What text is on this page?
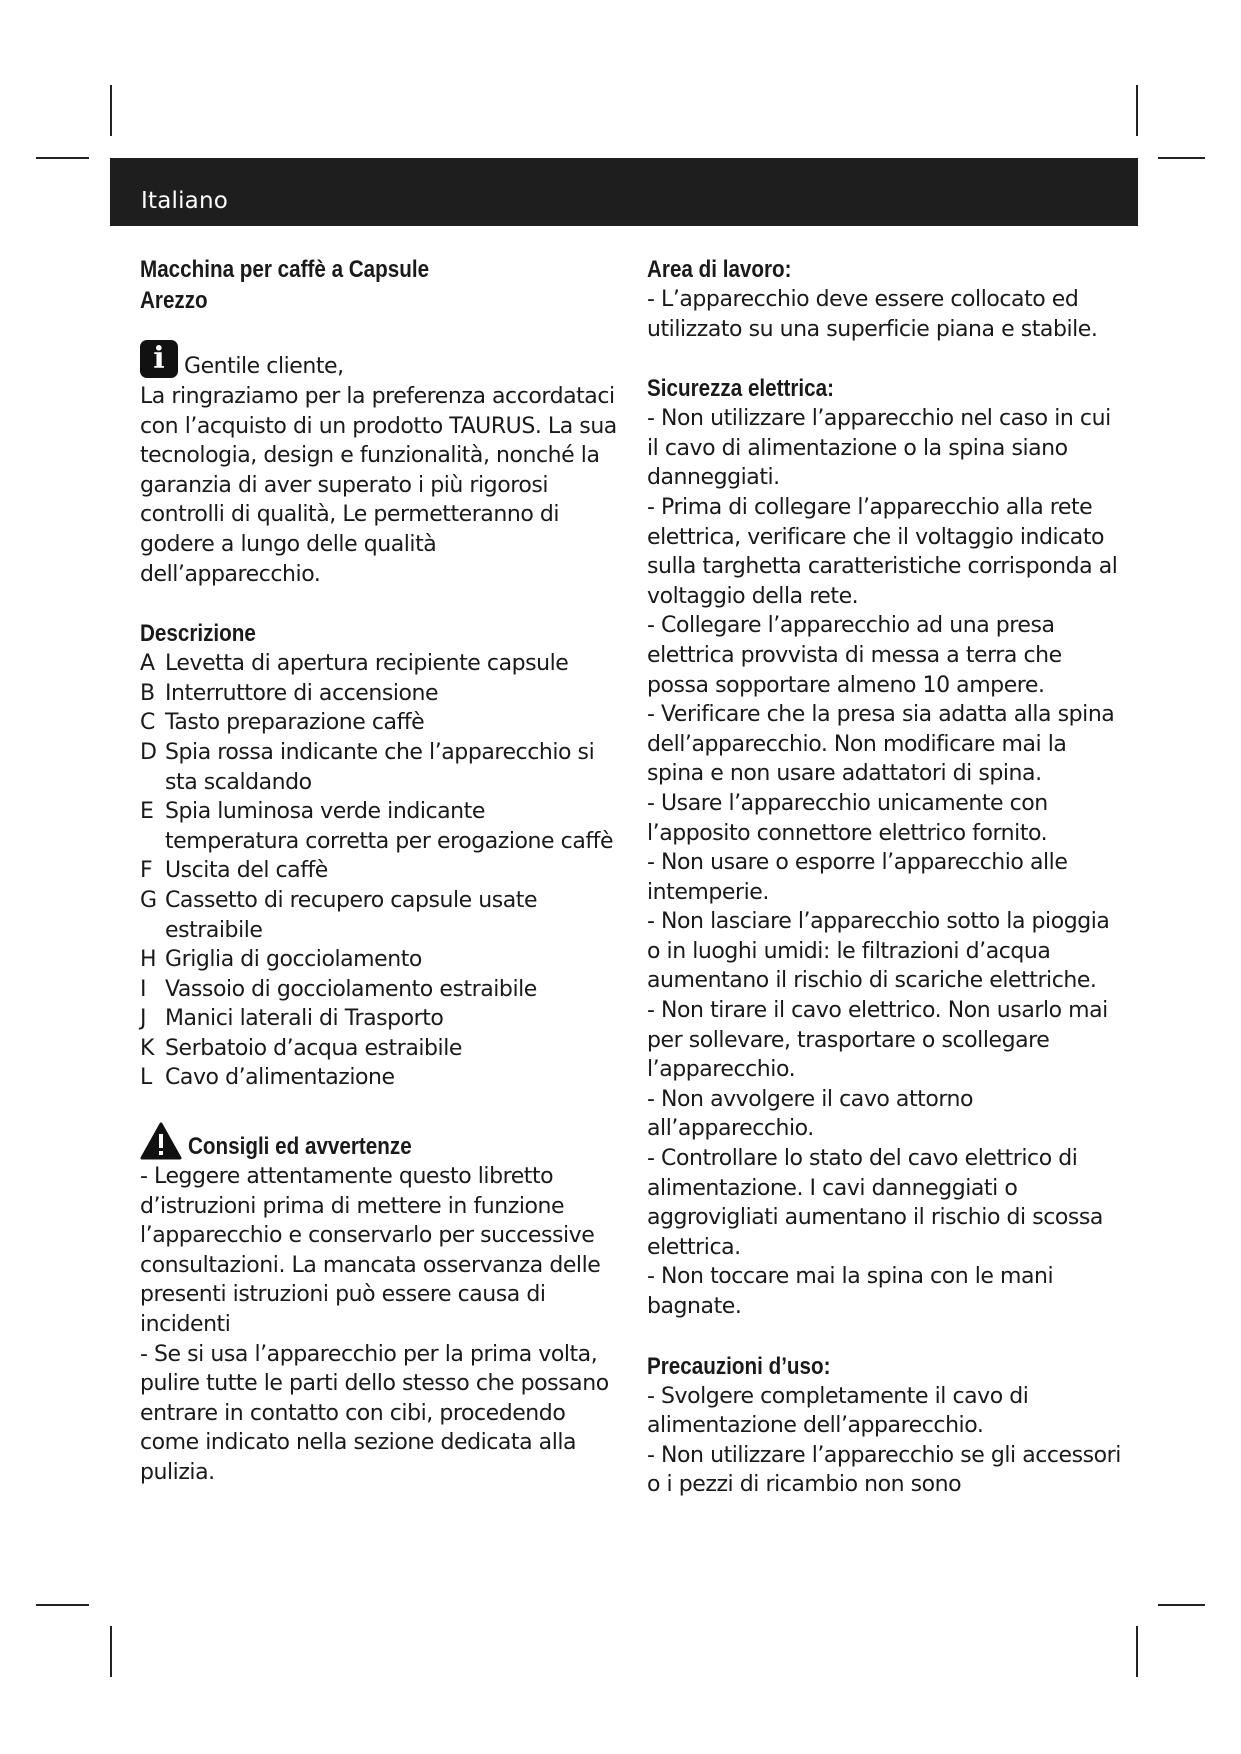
Italiano
Macchina per caffè a Capsule
Arezzo
i Gentile cliente,

La ringraziamo per la preferenza accordataci con l’acquisto di un prodotto TAURUS. La sua tecnologia, design e funzionalità, nonché la garanzia di aver superato i più rigorosi controlli di qualità, Le permetteranno di godere a lungo delle qualità dell’apparecchio.

Descrizione
A Levetta di apertura recipiente capsule
B Interruttore di accensione
C Tasto preparazione caffè
D Spia rossa indicante che l’apparecchio si sta scaldando
E Spia luminosa verde indicante temperatura corretta per erogazione caffè
F Uscita del caffè
G Cassetto di recupero capsule usate estraibile
H Griglia di gocciolamento
I Vassoio di gocciolamento estraibile
J Manici laterali di Trasporto
K Serbatoio d’acqua estraibile
L Cavo d’alimentazione
Consigli ed avvertenze

- Leggere attentamente questo libretto d’istruzioni prima di mettere in funzione l’apparecchio e conservarlo per successive consultazioni. La mancata osservanza delle presenti istruzioni può essere causa di incidenti

- Se si usa l’apparecchio per la prima volta, pulire tutte le parti dello stesso che possano entrare in contatto con cibi, procedendo come indicato nella sezione dedicata alla pulizia.

Area di lavoro:

- L’apparecchio deve essere collocato ed utilizzato su una superficie piana e stabile.

Sicurezza elettrica:

- Non utilizzare l’apparecchio nel caso in cui il cavo di alimentazione o la spina siano danneggiati.

- Prima di collegare l’apparecchio alla rete elettrica, verificare che il voltaggio indicato sulla targhetta caratteristiche corrisponda al voltaggio della rete.

- Collegare l’apparecchio ad una presa elettrica provvista di messa a terra che possa sopportare almeno 10 ampere.

- Verificare che la presa sia adatta alla spina dell’apparecchio. Non modificare mai la spina e non usare adattatori di spina.

- Usare l’apparecchio unicamente con l’apposito connettore elettrico fornito.

- Non usare o esporre l’apparecchio alle intemperie.

- Non lasciare l’apparecchio sotto la pioggia o in luoghi umidi: le filtrazioni d’acqua aumentano il rischio di scariche elettriche.

- Non tirare il cavo elettrico. Non usarlo mai per sollevare, trasportare o scollegare l’apparecchio.

- Non avvolgere il cavo attorno all’apparecchio.

- Controllare lo stato del cavo elettrico di alimentazione. I cavi danneggiati o aggrovigliati aumentano il rischio di scossa elettrica.

- Non toccare mai la spina con le mani bagnate.

Precauzioni d’uso:

- Svolgere completamente il cavo di alimentazione dell’apparecchio.

- Non utilizzare l’apparecchio se gli accessori o i pezzi di ricambio non sono
